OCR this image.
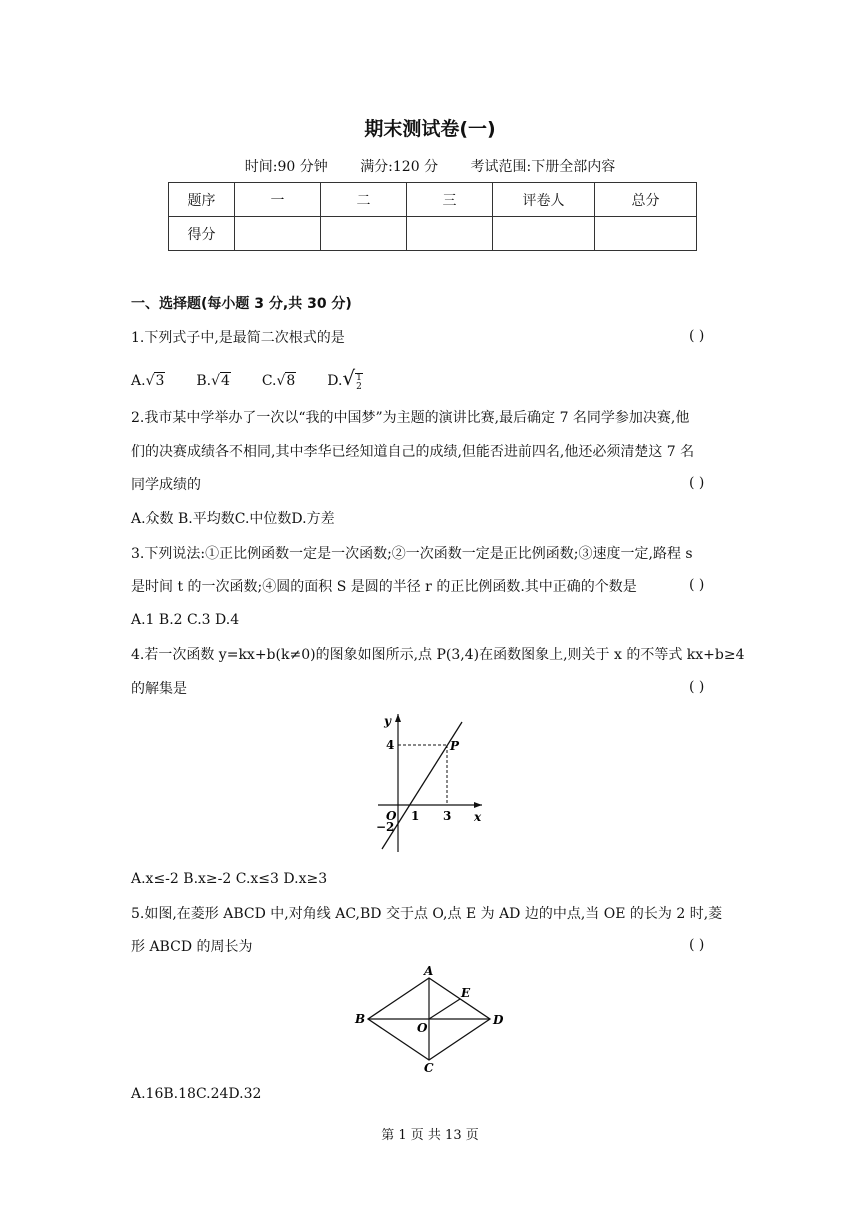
期末测试卷(一)
时间:90 分钟 满分:120 分 考试范围:下册全部内容
题序	一	二	三	评卷人	总分
得分					
一、选择题(每小题 3 分,共 30 分)
1.下列式子中,是最简二次根式的是	( )
A.√3 B.√4 C.√8 D.√1
2
2.我市某中学举办了一次以“我的中国梦”为主题的演讲比赛,最后确定 7 名同学参加决赛,他
们的决赛成绩各不相同,其中李华已经知道自己的成绩,但能否进前四名,他还必须清楚这 7 名
同学成绩的	( )
A.众数 B.平均数C.中位数D.方差
3.下列说法:①正比例函数一定是一次函数;②一次函数一定是正比例函数;③速度一定,路程 s
是时间 t 的一次函数;④圆的面积 S 是圆的半径 r 的正比例函数.其中正确的个数是	( )
A.1 B.2 C.3 D.4
4.若一次函数 y=kx+b(k≠0)的图象如图所示,点 P(3,4)在函数图象上,则关于 x 的不等式 kx+b≥4
的解集是	( )
y
x
O
P
4
1 3
−2
A.x≤-2 B.x≥-2 C.x≤3 D.x≥3
5.如图,在菱形 ABCD 中,对角线 AC,BD 交于点 O,点 E 为 AD 边的中点,当 OE 的长为 2 时,菱
形 ABCD 的周长为	( )
A
B
C
D
E
O
A.16B.18C.24D.32
第 1 页 共 13 页
